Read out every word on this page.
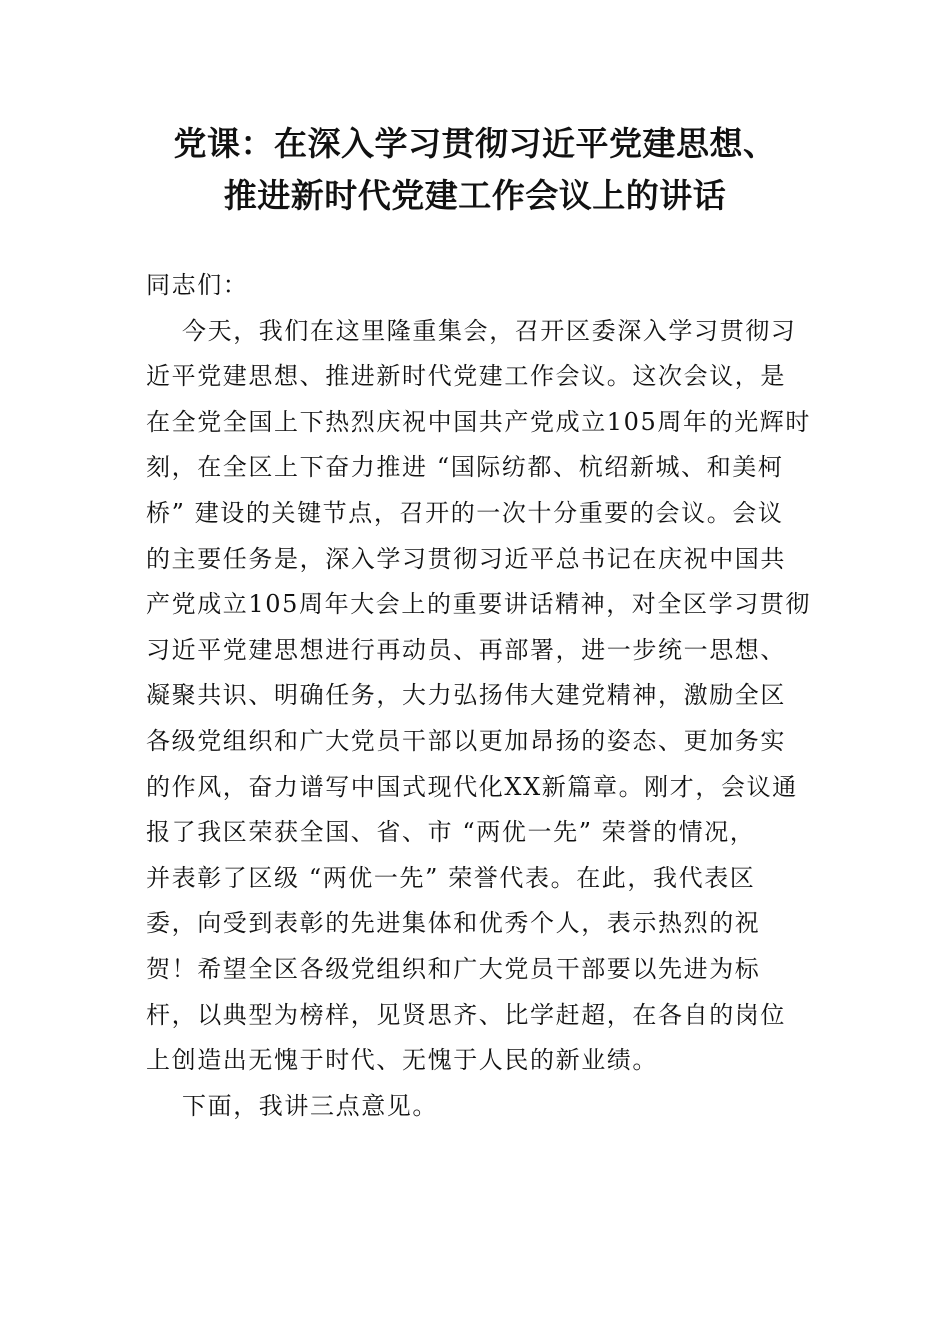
党课：在深入学习贯彻习近平党建思想、
推进新时代党建工作会议上的讲话
同志们：
今天，我们在这里隆重集会，召开区委深入学习贯彻习
近平党建思想、推进新时代党建工作会议。这次会议，是
在全党全国上下热烈庆祝中国共产党成立105周年的光辉时
刻，在全区上下奋力推进 “国际纺都、杭绍新城、和美柯
桥” 建设的关键节点，召开的一次十分重要的会议。会议
的主要任务是，深入学习贯彻习近平总书记在庆祝中国共
产党成立105周年大会上的重要讲话精神，对全区学习贯彻
习近平党建思想进行再动员、再部署，进一步统一思想、
凝聚共识、明确任务，大力弘扬伟大建党精神，激励全区
各级党组织和广大党员干部以更加昂扬的姿态、更加务实
的作风，奋力谱写中国式现代化XX新篇章。刚才，会议通
报了我区荣获全国、省、市 “两优一先” 荣誉的情况，
并表彰了区级 “两优一先” 荣誉代表。在此，我代表区
委，向受到表彰的先进集体和优秀个人，表示热烈的祝
贺！希望全区各级党组织和广大党员干部要以先进为标
杆，以典型为榜样，见贤思齐、比学赶超，在各自的岗位
上创造出无愧于时代、无愧于人民的新业绩。
下面，我讲三点意见。
